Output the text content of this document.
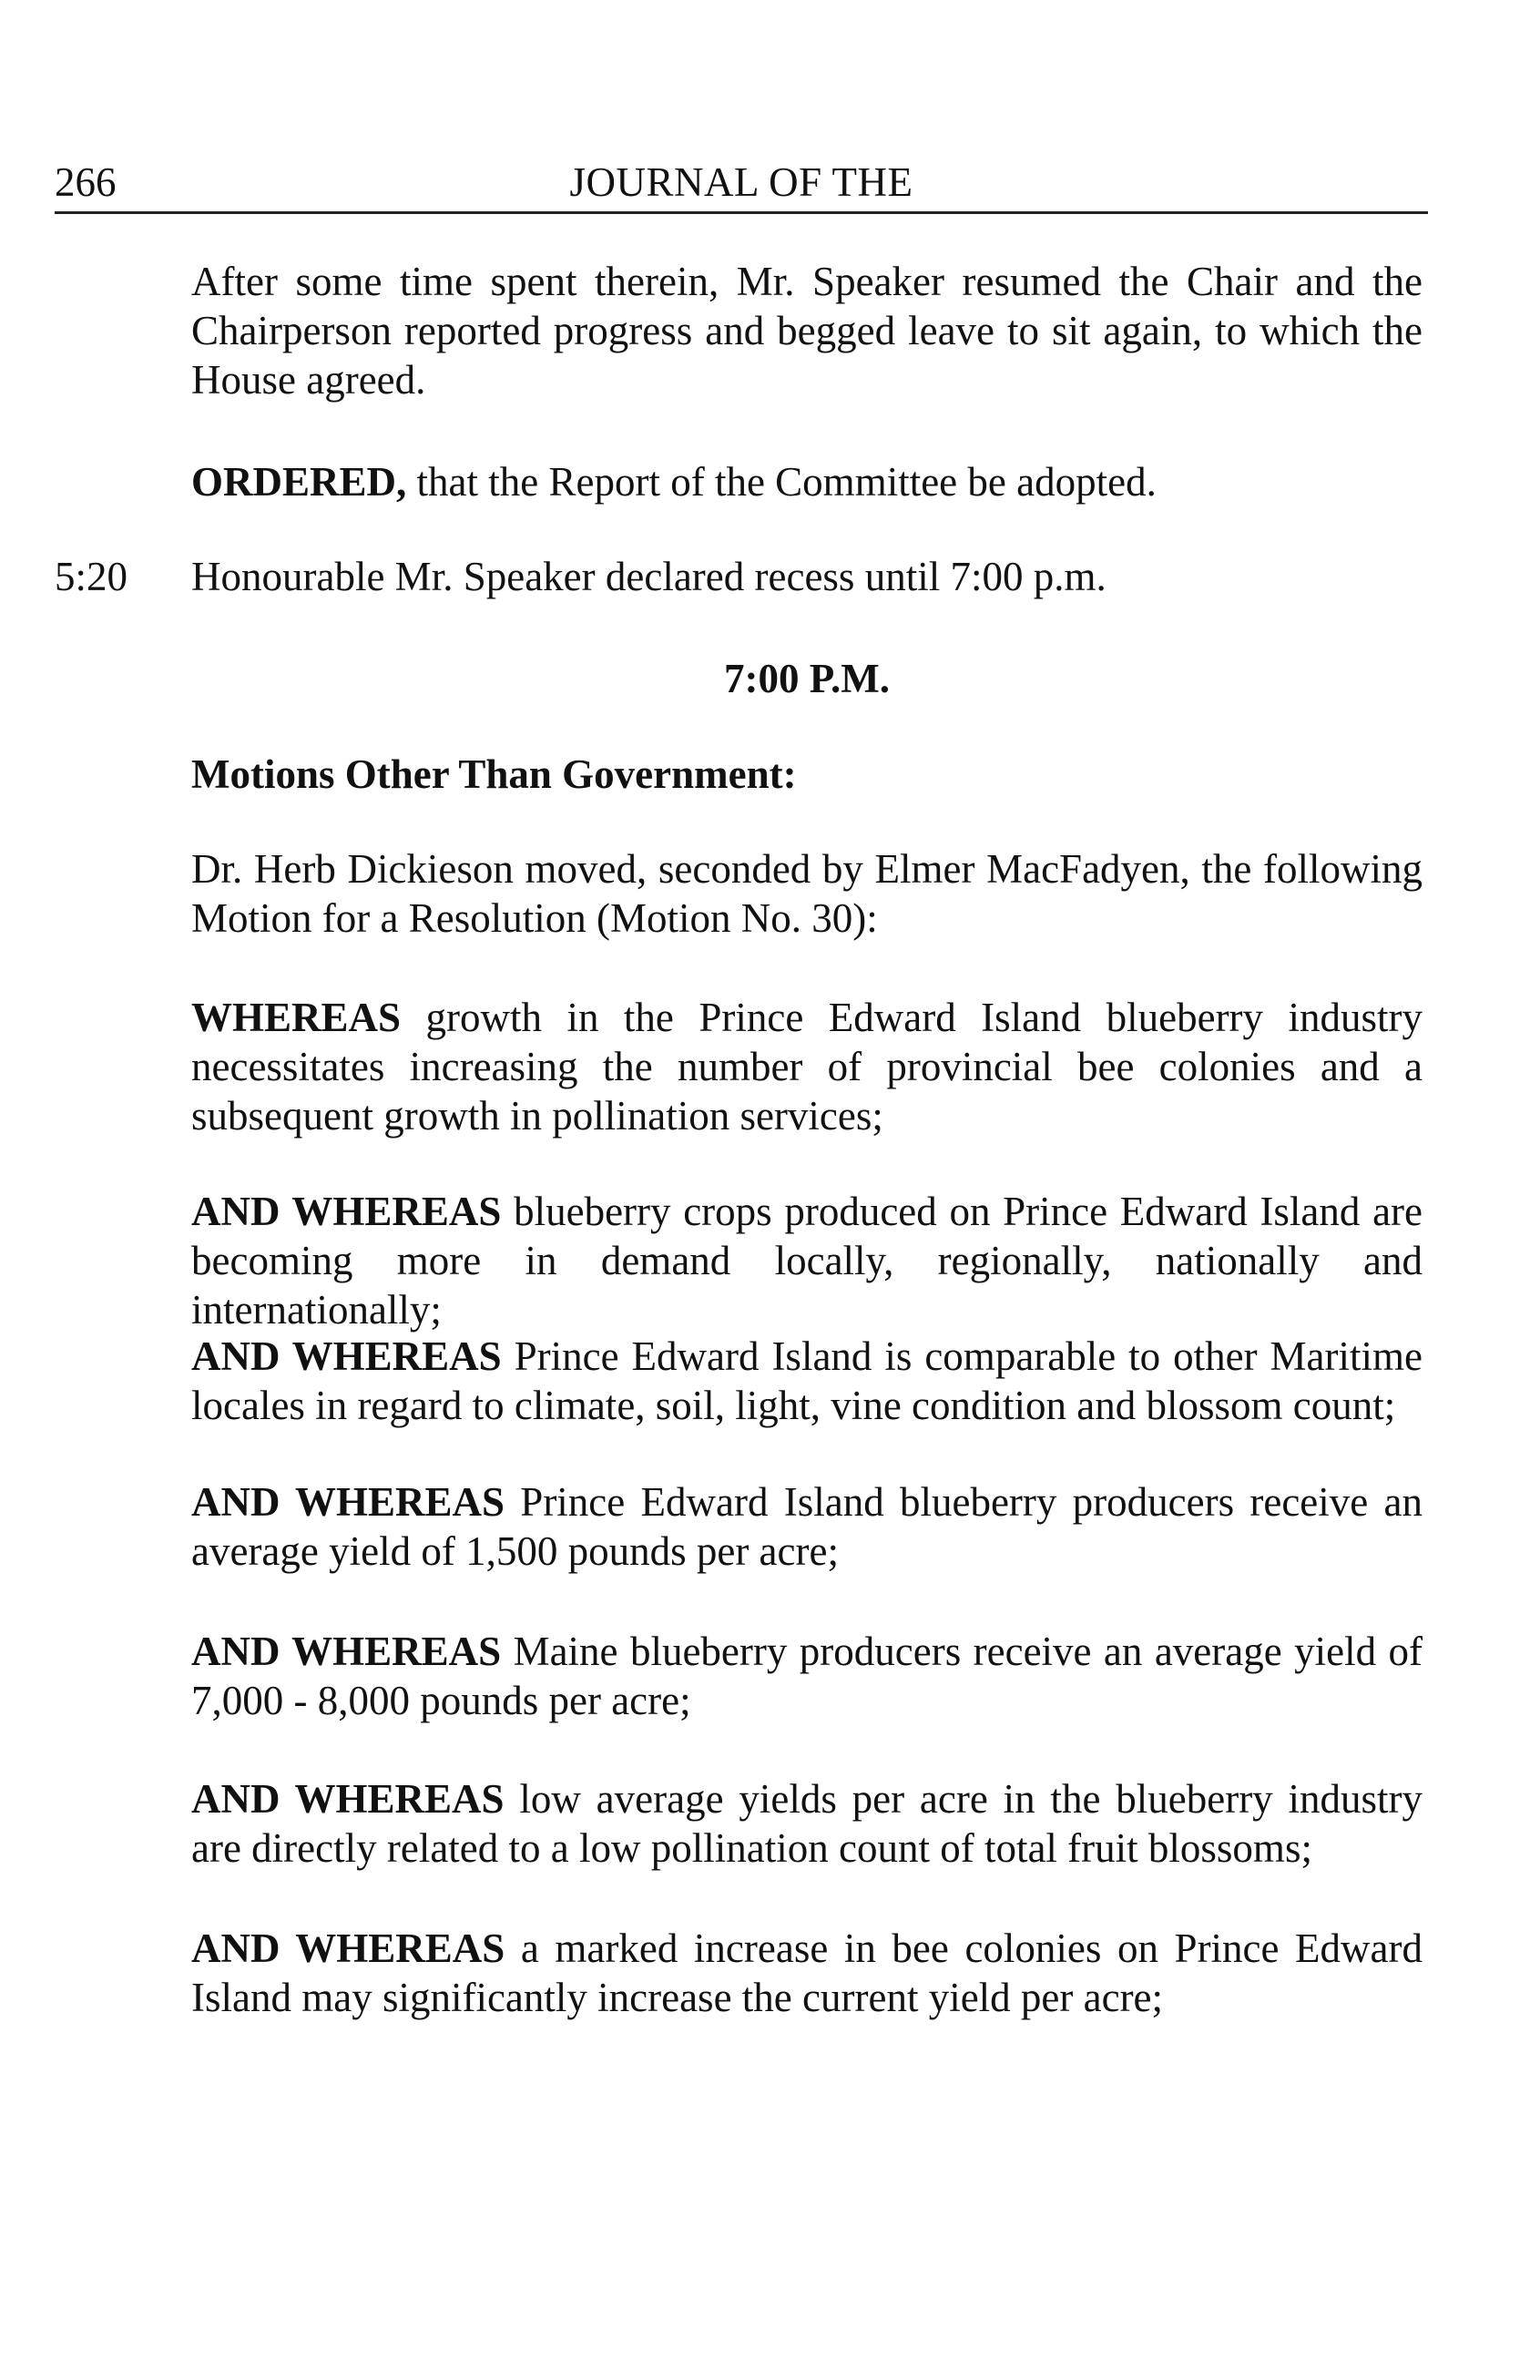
266	JOURNAL OF THE

After some time spent therein, Mr. Speaker resumed the Chair and the Chairperson reported progress and begged leave to sit again, to which the House agreed.

ORDERED, that the Report of the Committee be adopted.

5:20 Honourable Mr. Speaker declared recess until 7:00 p.m.

7:00 P.M.
Motions Other Than Government:

Dr. Herb Dickieson moved, seconded by Elmer MacFadyen, the following Motion for a Resolution (Motion No. 30):

WHEREAS growth in the Prince Edward Island blueberry industry necessitates increasing the number of provincial bee colonies and a subsequent growth in pollination services;

AND WHEREAS blueberry crops produced on Prince Edward Island are becoming more in demand locally, regionally, nationally and internationally;

AND WHEREAS Prince Edward Island is comparable to other Maritime locales in regard to climate, soil, light, vine condition and blossom count;

AND WHEREAS Prince Edward Island blueberry producers receive an average yield of 1,500 pounds per acre;

AND WHEREAS Maine blueberry producers receive an average yield of 7,000 - 8,000 pounds per acre;

AND WHEREAS low average yields per acre in the blueberry industry are directly related to a low pollination count of total fruit blossoms;

AND WHEREAS a marked increase in bee colonies on Prince Edward Island may significantly increase the current yield per acre;
